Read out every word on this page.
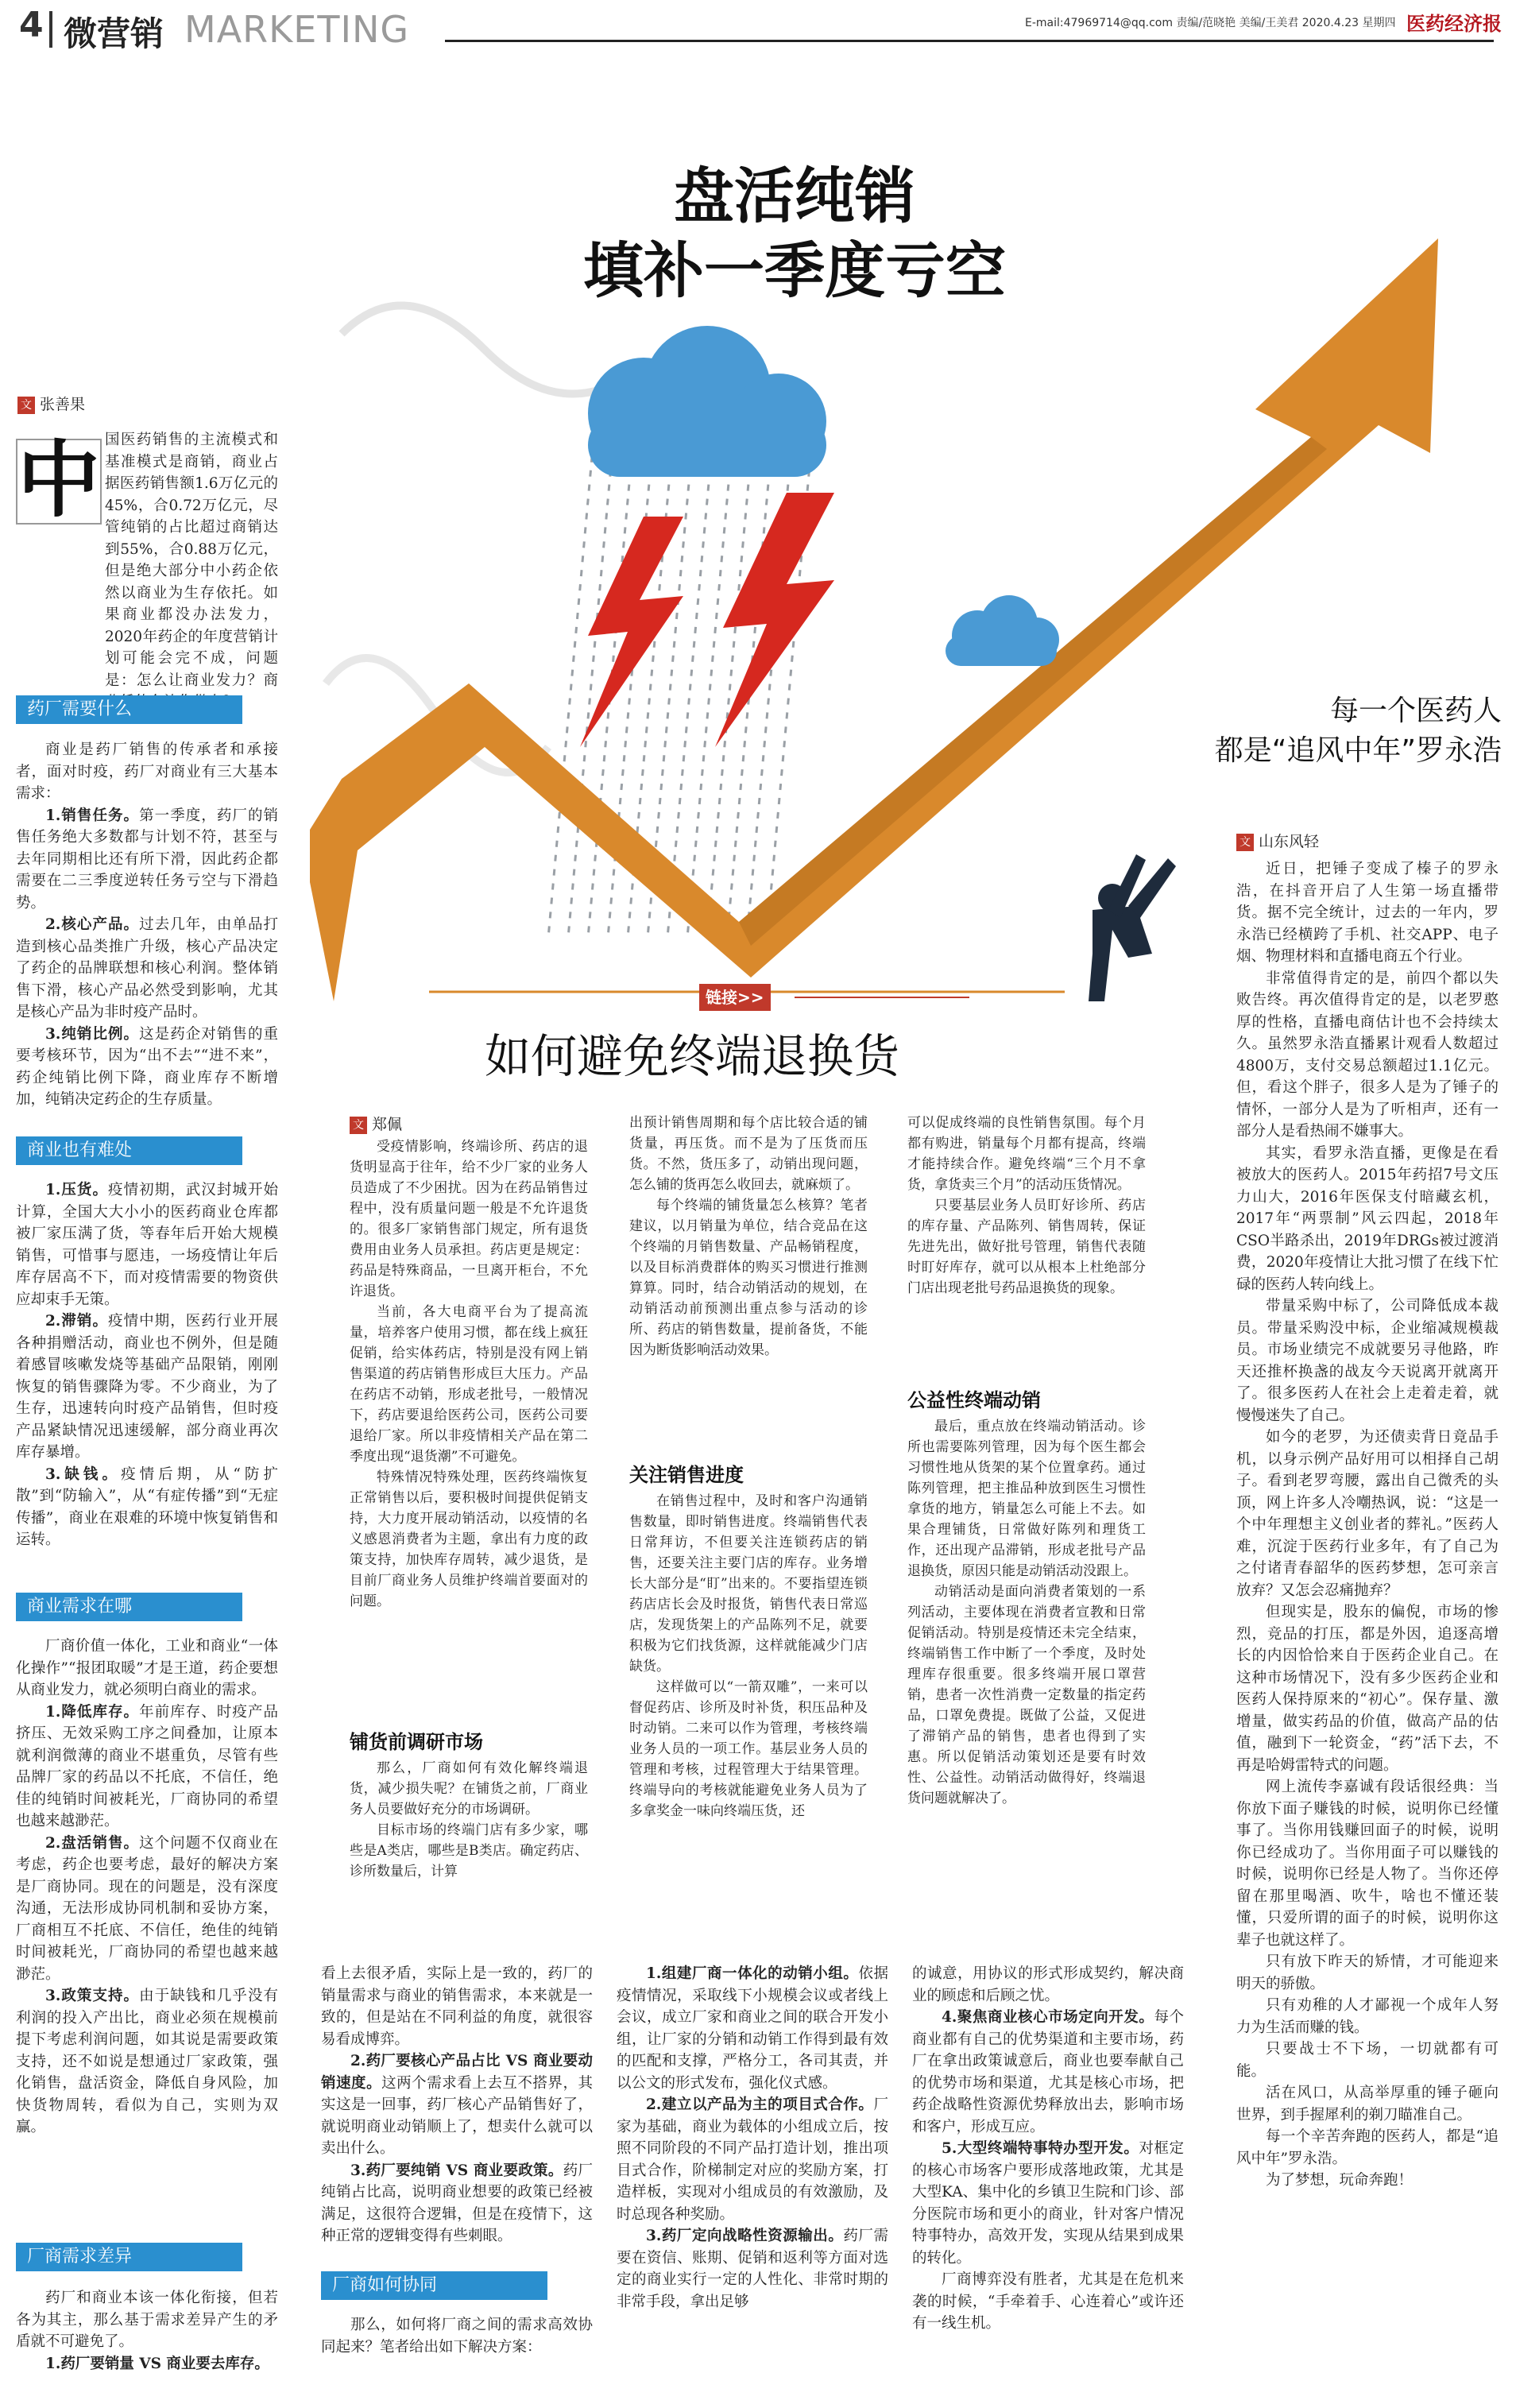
4 微营销 MARKETING	E-mail:47969714@qq.com 责编/范晓艳 美编/王美君 2020.4.23 星期四 医药经济报
盘活纯销
填补一季度亏空
每一个医药人
都是“追风中年”罗永浩
链接>>
如何避免终端退换货
文 张善果
文 山东风轻
文 郑佩
中 国医药销售的主流模式和基准模式是商销，商业占据医药销售额1.6万亿元的45%，合0.72万亿元，尽管纯销的占比超过商销达到55%，合0.88万亿元，但是绝大部分中小药企依然以商业为生存依托。如果商业都没办法发力，2020年药企的年度营销计划可能会完不成，问题是：怎么让商业发力？商

药厂需要什么

商业是药厂销售的传承者和承接者，面对时疫，药厂对商业有三大基本需求：

1.销售任务。第一季度，药厂的销售任务绝大多数都与计划不符，甚至与去年同期相比还有所下滑，因此药企都需要在二三季度逆转任务亏空与下滑趋势。

2.核心产品。过去几年，由单品打造到核心品类推广升级，核心产品决定了药企的品牌联想和核心利润。整体销售下滑，核心产品必然受到影响，尤其是核心产品为非时疫产品时。

3.纯销比例。这是药企对销售的重要考核环节，因为“出不去”“进不来”，药企纯销比例下降，商业库存不断增加，纯销决定药企的生存质量。

商业也有难处

1.压货。疫情初期，武汉封城开始计算，全国大大小小的医药商业仓库都被厂家压满了货，等春年后开始大规模销售，可惜事与愿违，一场疫情让年后库存居高不下，而对疫情需要的物资供应却束手无策。

2.滞销。疫情中期，医药行业开展各种捐赠活动，商业也不例外，但是随着感冒咳嗽发烧等基础产品限销，刚刚恢复的销售骤降为零。不少商业，为了生存，迅速转向时疫产品销售，但时疫产品紧缺情况迅速缓解，部分商业再次库存暴增。

3.缺钱。疫情后期，从“防扩散”到“防输入”，从“有症传播”到“无症传播”，商业在艰难的环境中恢复销售和运转。

商业需求在哪

厂商价值一体化，工业和商业“一体化操作”“报团取暖”才是王道，药企要想从商业发力，就必须明白商业的需求。

1.降低库存。年前库存、时疫产品挤压、无效采购工序之间叠加，让原本就利润微薄的商业不堪重负，尽管有些品牌厂家的药品以不托底，不信任，绝佳的纯销时间被耗光，厂商协同的希望也越来越渺茫。

2.盘活销售。这个问题不仅商业在考虑，药企也要考虑，最好的解决方案是厂商协同。现在的问题是，没有深度沟通，无法形成协同机制和妥协方案，厂商相互不托底、不信任，绝佳的纯销时间被耗光，厂商协同的希望也越来越渺茫。

3.政策支持。由于缺钱和几乎没有利润的投入产出比，商业必须在规模前提下考虑利润问题，如其说是需要政策支持，还不如说是想通过厂家政策，强化销售，盘活资金，降低自身风险，加快货物周转，看似为自己，实则为双赢。

厂商需求差异

药厂和商业本该一体化衔接，但若各为其主，那么基于需求差异产生的矛盾就不可避免了。

1.药厂要销量 VS 商业要去库存。

受疫情影响，终端诊所、药店的退货明显高于往年，给不少厂家的业务人员造成了不少困扰。因为在药品销售过程中，没有质量问题一般是不允许退货的。很多厂家销售部门规定，所有退货费用由业务人员承担。药店更是规定：药品是特殊商品，一旦离开柜台，不允许退货。

当前，各大电商平台为了提高流量，培养客户使用习惯，都在线上疯狂促销，给实体药店，特别是没有网上销售渠道的药店销售形成巨大压力。产品在药店不动销，形成老批号，一般情况下，药店要退给医药公司，医药公司要退给厂家。所以非疫情相关产品在第二季度出现“退货潮”不可避免。

特殊情况特殊处理，医药终端恢复正常销售以后，要积极时间提供促销支持，大力度开展动销活动，以疫情的名义感恩消费者为主题，拿出有力度的政策支持，加快库存周转，减少退货，是目前厂商业务人员维护终端首要面对的问题。

铺货前调研市场

那么，厂商如何有效化解终端退货，减少损失呢？在铺货之前，厂商业务人员要做好充分的市场调研。

目标市场的终端门店有多少家，哪些是A类店，哪些是B类店。确定药店、诊所数量后，计算

出预计销售周期和每个店比较合适的铺货量，再压货。而不是为了压货而压货。不然，货压多了，动销出现问题，怎么铺的货再怎么收回去，就麻烦了。

每个终端的铺货量怎么核算？笔者建议，以月销量为单位，结合竞品在这个终端的月销售数量、产品畅销程度，以及目标消费群体的购买习惯进行推测算算。同时，结合动销活动的规划，在动销活动前预测出重点参与活动的诊所、药店的销售数量，提前备货，不能因为断货影响活动效果。

关注销售进度

在销售过程中，及时和客户沟通销售数量，即时销售进度。终端销售代表日常拜访，不但要关注连锁药店的销售，还要关注主要门店的库存。业务增长大部分是“盯”出来的。不要指望连锁药店店长会及时报货，销售代表日常巡店，发现货架上的产品陈列不足，就要积极为它们找货源，这样就能减少门店缺货。

这样做可以“一箭双雕”，一来可以督促药店、诊所及时补货，积压品种及时动销。二来可以作为管理，考核终端业务人员的一项工作。基层业务人员的管理和考核，过程管理大于结果管理。终端导向的考核就能避免业务人员为了多拿奖金一味向终端压货，还

可以促成终端的良性销售氛围。每个月都有购进，销量每个月都有提高，终端才能持续合作。避免终端“三个月不拿货，拿货卖三个月”的活动压货情况。

只要基层业务人员盯好诊所、药店的库存量、产品陈列、销售周转，保证先进先出，做好批号管理，销售代表随时盯好库存，就可以从根本上杜绝部分门店出现老批号药品退换货的现象。

公益性终端动销

最后，重点放在终端动销活动。诊所也需要陈列管理，因为每个医生都会习惯性地从货架的某个位置拿药。通过陈列管理，把主推品种放到医生习惯性拿货的地方，销量怎么可能上不去。如果合理铺货，日常做好陈列和理货工作，还出现产品滞销，形成老批号产品退换货，原因只能是动销活动没跟上。

动销活动是面向消费者策划的一系列活动，主要体现在消费者宣教和日常促销活动。特别是疫情还未完全结束，终端销售工作中断了一个季度，及时处理库存很重要。很多终端开展口罩营销，患者一次性消费一定数量的指定药品，口罩免费提。既做了公益，又促进了滞销产品的销售，患者也得到了实惠。所以促销活动策划还是要有时效性、公益性。动销活动做得好，终端退货问题就解决了。

看上去很矛盾，实际上是一致的，药厂的销量需求与商业的销售需求，本来就是一致的，但是站在不同利益的角度，就很容易看成博弈。

2.药厂要核心产品占比 VS 商业要动销速度。这两个需求看上去互不搭界，其实这是一回事，药厂核心产品销售好了，就说明商业动销顺上了，想卖什么就可以卖出什么。

3.药厂要纯销 VS 商业要政策。药厂纯销占比高，说明商业想要的政策已经被满足，这很符合逻辑，但是在疫情下，这种正常的逻辑变得有些刺眼。

厂商如何协同

那么，如何将厂商之间的需求高效协同起来？笔者给出如下解决方案：

1.组建厂商一体化的动销小组。依据疫情情况，采取线下小规模会议或者线上会议，成立厂家和商业之间的联合开发小组，让厂家的分销和动销工作得到最有效的匹配和支撑，严格分工，各司其责，并以公文的形式发布，强化仪式感。

2.建立以产品为主的项目式合作。厂家为基础，商业为载体的小组成立后，按照不同阶段的不同产品打造计划，推出项目式合作，阶梯制定对应的奖励方案，打造样板，实现对小组成员的有效激励，及时总现各种奖励。

3.药厂定向战略性资源输出。药厂需要在资信、账期、促销和返利等方面对选定的商业实行一定的人性化、非常时期的非常手段，拿出足够

的诚意，用协议的形式形成契约，解决商业的顾虑和后顾之忧。

4.聚焦商业核心市场定向开发。每个商业都有自己的优势渠道和主要市场，药厂在拿出政策诚意后，商业也要奉献自己的优势市场和渠道，尤其是核心市场，把药企战略性资源优势释放出去，影响市场和客户，形成互应。

5.大型终端特事特办型开发。对框定的核心市场客户要形成落地政策，尤其是大型KA、集中化的乡镇卫生院和门诊、部分医院市场和更小的商业，针对客户情况特事特办，高效开发，实现从结果到成果的转化。

厂商博弈没有胜者，尤其是在危机来袭的时候，“手牵着手、心连着心”或许还有一线生机。

近日，把锤子变成了榛子的罗永浩，在抖音开启了人生第一场直播带货。据不完全统计，过去的一年内，罗永浩已经横跨了手机、社交APP、电子烟、物理材料和直播电商五个行业。

非常值得肯定的是，前四个都以失败告终。再次值得肯定的是，以老罗憨厚的性格，直播电商估计也不会持续太久。虽然罗永浩直播累计观看人数超过4800万，支付交易总额超过1.1亿元。但，看这个胖子，很多人是为了锤子的情怀，一部分人是为了听相声，还有一部分人是看热闹不嫌事大。

其实，看罗永浩直播，更像是在看被放大的医药人。2015年药招7号文压力山大，2016年医保支付暗藏玄机，2017年“两票制”风云四起，2018年CSO半路杀出，2019年DRGs被过渡消费，2020年疫情让大批习惯了在线下忙碌的医药人转向线上。

带量采购中标了，公司降低成本裁员。带量采购没中标，企业缩减规模裁员。市场业绩完不成就要另寻他路，昨天还推杯换盏的战友今天说离开就离开了。很多医药人在社会上走着走着，就慢慢迷失了自己。

如今的老罗，为还债卖背日竟品手机，以身示例产品好用可以相择自己胡子。看到老罗弯腰，露出自己微秃的头顶，网上许多人冷嘲热讽，说：“这是一个中年理想主义创业者的葬礼。”医药人难，沉淀于医药行业多年，有了自己为之付诸青春韶华的医药梦想，怎可亲言放弃？又怎会忍痛抛弃？

但现实是，股东的偏倪，市场的惨烈，竞品的打压，都是外因，追逐高增长的内因恰恰来自于医药企业自己。在这种市场情况下，没有多少医药企业和医药人保持原来的“初心”。保存量、激增量，做实药品的价值，做高产品的估值，融到下一轮资金，“药”活下去，不再是哈姆雷特式的问题。

网上流传李嘉诚有段话很经典：当你放下面子赚钱的时候，说明你已经懂事了。当你用钱赚回面子的时候，说明你已经成功了。当你用面子可以赚钱的时候，说明你已经是人物了。当你还停留在那里喝酒、吹牛，啥也不懂还装懂，只爱所谓的面子的时候，说明你这辈子也就这样了。

只有放下昨天的矫情，才可能迎来明天的骄傲。

只有劝稚的人才鄙视一个成年人努力为生活而赚的钱。

只要战士不下场，一切就都有可能。

活在风口，从高举厚重的锤子砸向世界，到手握犀利的剃刀瞄准自己。

每一个辛苦奔跑的医药人，都是“追风中年”罗永浩。

为了梦想，玩命奔跑！
